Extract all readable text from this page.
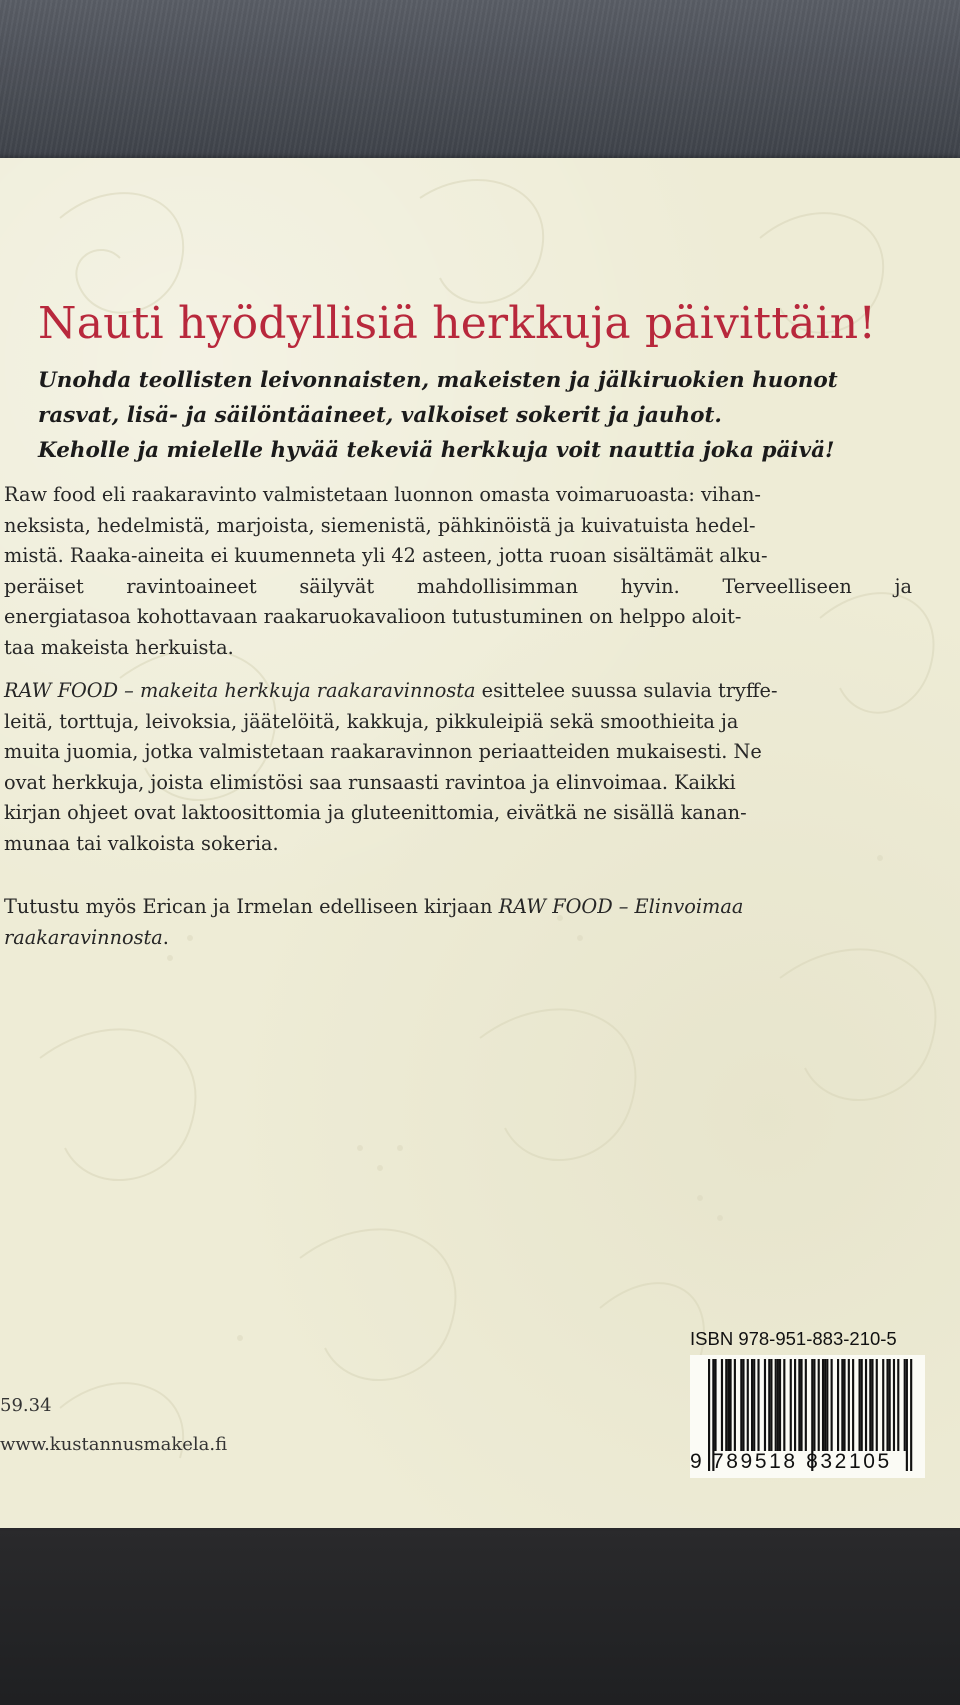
Nauti hyödyllisiä herkkuja päivittäin!

Unohda teollisten leivonnaisten, makeisten ja jälkiruokien huonot
rasvat, lisä- ja säilöntäaineet, valkoiset sokerit ja jauhot.
Keholle ja mielelle hyvää tekeviä herkkuja voit nauttia joka päivä!

Raw food eli raakaravinto valmistetaan luonnon omasta voimaruoasta: vihan-
neksista, hedelmistä, marjoista, siemenistä, pähkinöistä ja kuivatuista hedel-
mistä. Raaka-aineita ei kuumenneta yli 42 asteen, jotta ruoan sisältämät alku-
peräiset ravintoaineet säilyvät mahdollisimman hyvin. Terveelliseen ja
energiatasoa kohottavaan raakaruokavalioon tutustuminen on helppo aloit-
taa makeista herkuista.

RAW FOOD – makeita herkkuja raakaravinnosta esittelee suussa sulavia tryffe-
leitä, torttuja, leivoksia, jäätelöitä, kakkuja, pikkuleipiä sekä smoothieita ja
muita juomia, jotka valmistetaan raakaravinnon periaatteiden mukaisesti. Ne
ovat herkkuja, joista elimistösi saa runsaasti ravintoa ja elinvoimaa. Kaikki
kirjan ohjeet ovat laktoosittomia ja gluteenittomia, eivätkä ne sisällä kanan-
munaa tai valkoista sokeria.

Tutustu myös Erican ja Irmelan edelliseen kirjaan RAW FOOD – Elinvoimaa
raakaravinnosta.

59.34
www.kustannusmakela.fi
ISBN 978-951-883-210-5
9 789518 832105
